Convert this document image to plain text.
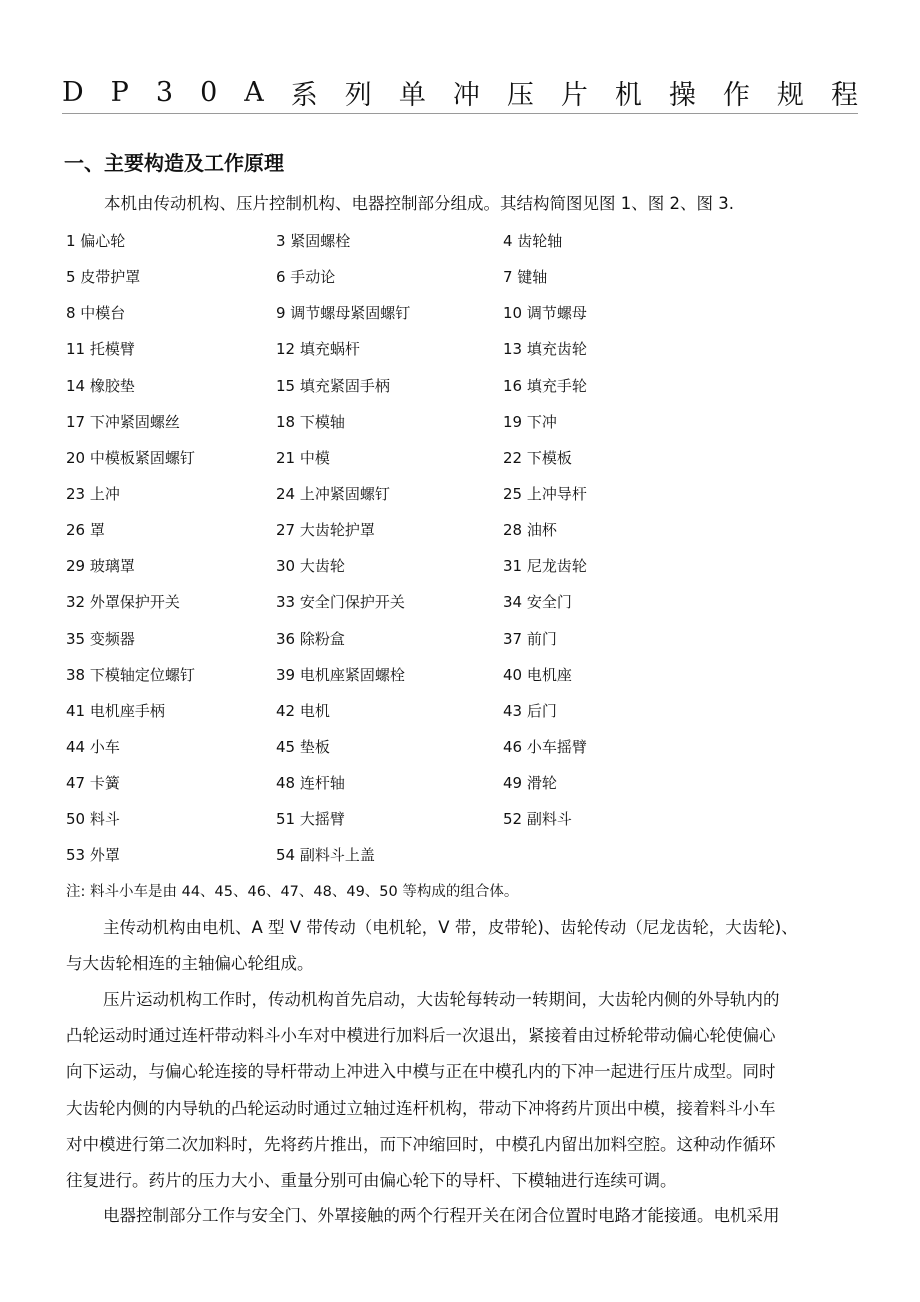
D P 3 0 A 系 列 单 冲 压 片 机 操 作 规 程
一、主要构造及工作原理
本机由传动机构、压片控制机构、电器控制部分组成。其结构简图见图 1、图 2、图 3.
1 偏心轮	3 紧固螺栓	4 齿轮轴
5 皮带护罩	6 手动论	7 键轴
8 中模台	9 调节螺母紧固螺钉	10 调节螺母
11 托模臂	12 填充蜗杆	13 填充齿轮
14 橡胶垫	15 填充紧固手柄	16 填充手轮
17 下冲紧固螺丝	18 下模轴	19 下冲
20 中模板紧固螺钉	21 中模	22 下模板
23 上冲	24 上冲紧固螺钉	25 上冲导杆
26 罩	27 大齿轮护罩	28 油杯
29 玻璃罩	30 大齿轮	31 尼龙齿轮
32 外罩保护开关	33 安全门保护开关	34 安全门
35 变频器	36 除粉盒	37 前门
38 下模轴定位螺钉	39 电机座紧固螺栓	40 电机座
41 电机座手柄	42 电机	43 后门
44 小车	45 垫板	46 小车摇臂
47 卡簧	48 连杆轴	49 滑轮
50 料斗	51 大摇臂	52 副料斗
53 外罩	54 副料斗上盖
注: 料斗小车是由 44、45、46、47、48、49、50 等构成的组合体。
主传动机构由电机、A 型 V 带传动（电机轮，V 带，皮带轮)、齿轮传动（尼龙齿轮，大齿轮)、
与大齿轮相连的主轴偏心轮组成。
压片运动机构工作时，传动机构首先启动，大齿轮每转动一转期间，大齿轮内侧的外导轨内的
凸轮运动时通过连杆带动料斗小车对中模进行加料后一次退出，紧接着由过桥轮带动偏心轮使偏心
向下运动，与偏心轮连接的导杆带动上冲进入中模与正在中模孔内的下冲一起进行压片成型。同时
大齿轮内侧的内导轨的凸轮运动时通过立轴过连杆机构，带动下冲将药片顶出中模，接着料斗小车
对中模进行第二次加料时，先将药片推出，而下冲缩回时，中模孔内留出加料空腔。这种动作循环
往复进行。药片的压力大小、重量分别可由偏心轮下的导杆、下模轴进行连续可调。
电器控制部分工作与安全门、外罩接触的两个行程开关在闭合位置时电路才能接通。电机采用
